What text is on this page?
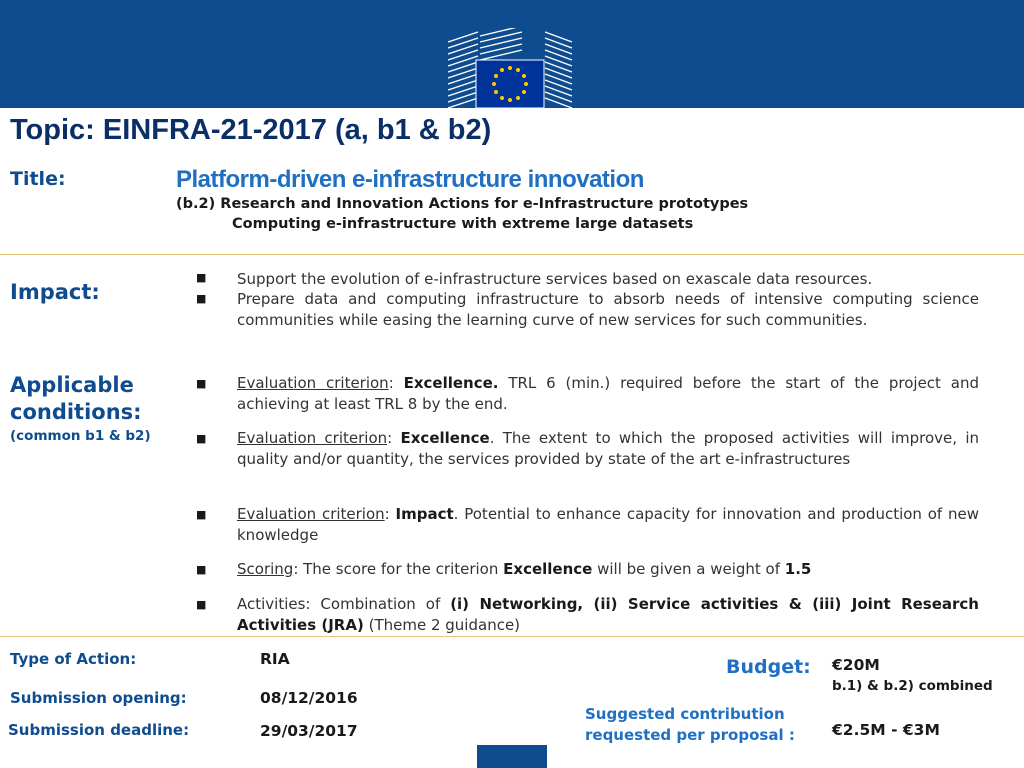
Topic: EINFRA-21-2017 (a, b1 & b2)
Title:	Platform-driven e-infrastructure innovation
(b.2) Research and Innovation Actions for e-Infrastructure prototypes
Computing e-infrastructure with extreme large datasets
Impact:
■ Support the evolution of e-infrastructure services based on exascale data resources.
■ Prepare data and computing infrastructure to absorb needs of intensive computing science communities while easing the learning curve of new services for such communities.
Applicable
conditions:
(common b1 & b2)
■ Evaluation criterion: Excellence. TRL 6 (min.) required before the start of the project and achieving at least TRL 8 by the end.
■ Evaluation criterion: Excellence. The extent to which the proposed activities will improve, in quality and/or quantity, the services provided by state of the art e-infrastructures
■ Evaluation criterion: Impact. Potential to enhance capacity for innovation and production of new knowledge
■ Scoring: The score for the criterion Excellence will be given a weight of 1.5
■ Activities: Combination of (i) Networking, (ii) Service activities & (iii) Joint Research Activities (JRA) (Theme 2 guidance)
Type of Action:	RIA
Submission opening:	08/12/2016
Submission deadline:	29/03/2017
Budget: €20M
b.1) & b.2) combined
Suggested contribution
requested per proposal : €2.5M - €3M
